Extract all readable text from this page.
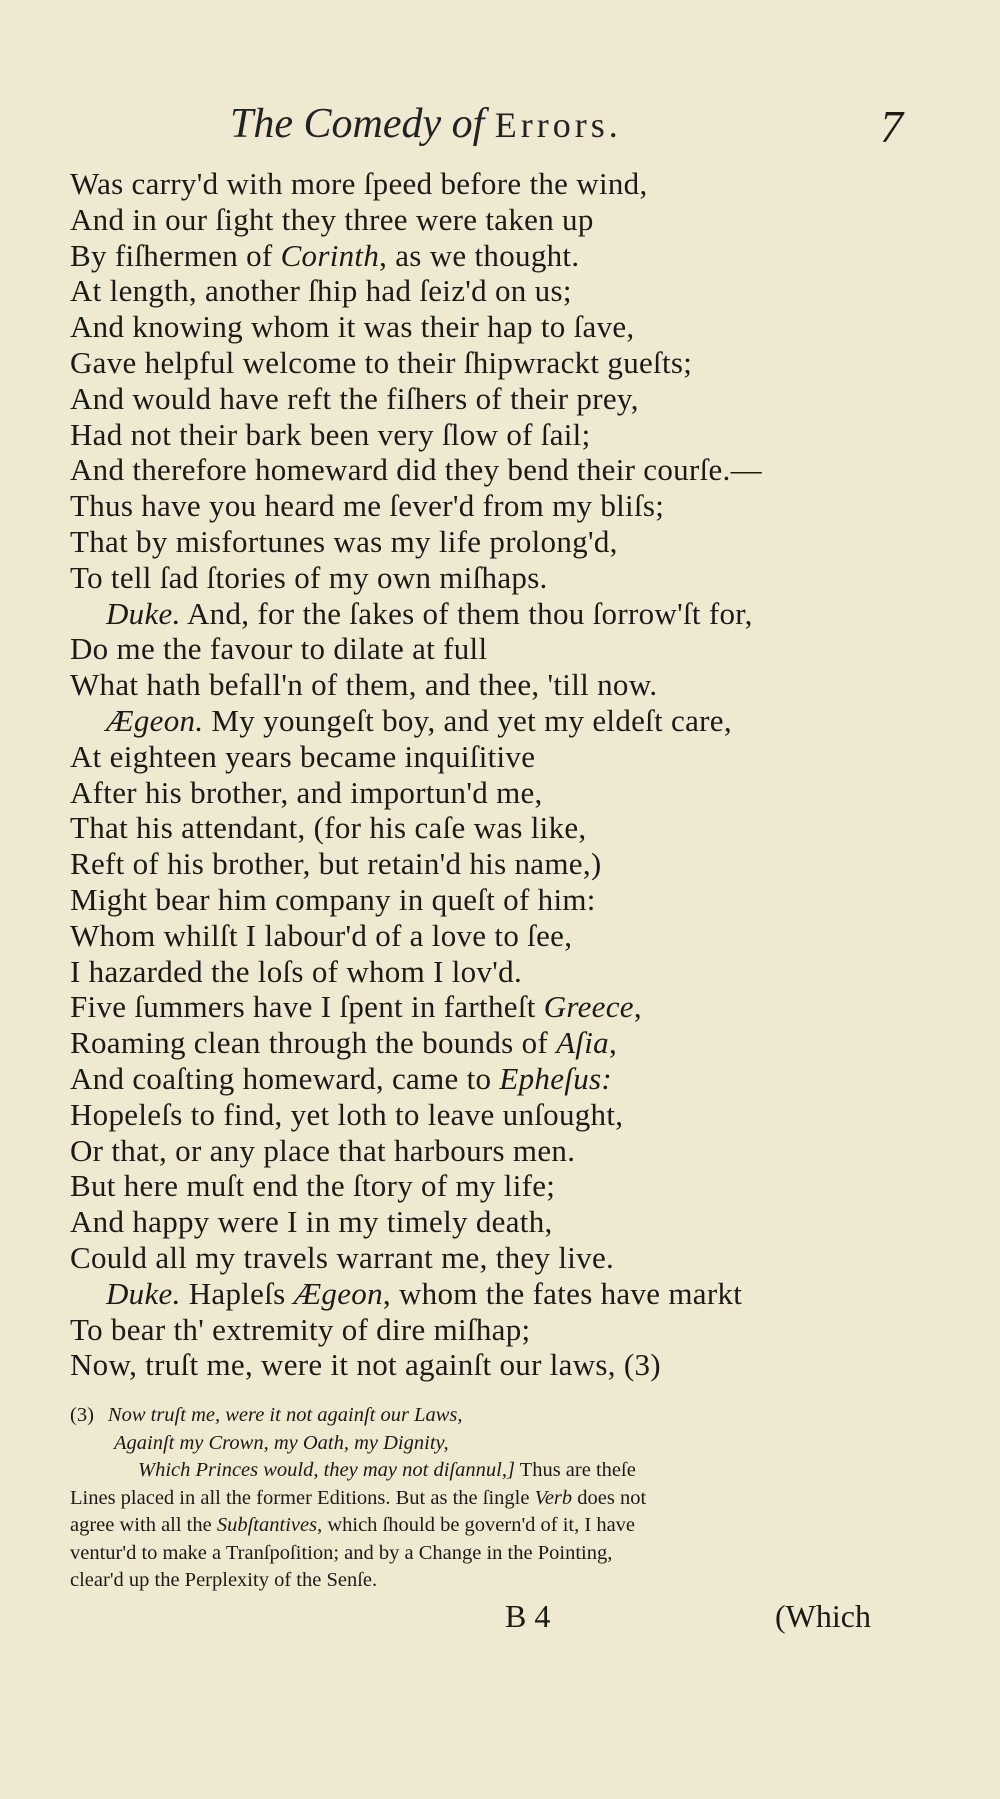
The Comedy of Errors.	7
Was carry'd with more ſpeed before the wind,
And in our ſight they three were taken up
By fiſhermen of Corinth, as we thought.
At length, another ſhip had ſeiz'd on us;
And knowing whom it was their hap to ſave,
Gave helpful welcome to their ſhipwrackt gueſts;
And would have reft the fiſhers of their prey,
Had not their bark been very ſlow of ſail;
And therefore homeward did they bend their courſe.—
Thus have you heard me ſever'd from my bliſs;
That by misfortunes was my life prolong'd,
To tell ſad ſtories of my own miſhaps.
Duke. And, for the ſakes of them thou ſorrow'ſt for,
Do me the favour to dilate at full
What hath befall'n of them, and thee, 'till now.
Ægeon. My youngeſt boy, and yet my eldeſt care,
At eighteen years became inquiſitive
After his brother, and importun'd me,
That his attendant, (for his caſe was like,
Reft of his brother, but retain'd his name,)
Might bear him company in queſt of him:
Whom whilſt I labour'd of a love to ſee,
I hazarded the loſs of whom I lov'd.
Five ſummers have I ſpent in fartheſt Greece,
Roaming clean through the bounds of Aſia,
And coaſting homeward, came to Epheſus:
Hopeleſs to find, yet loth to leave unſought,
Or that, or any place that harbours men.
But here muſt end the ſtory of my life;
And happy were I in my timely death,
Could all my travels warrant me, they live.
Duke. Hapleſs Ægeon, whom the fates have markt
To bear th' extremity of dire miſhap;
Now, truſt me, were it not againſt our laws, (3)
(3) Now truſt me, were it not againſt our Laws,
Againſt my Crown, my Oath, my Dignity,
Which Princes would, they may not diſannul,] Thus are theſe
Lines placed in all the former Editions. But as the ſingle Verb does not
agree with all the Subſtantives, which ſhould be govern'd of it, I have
ventur'd to make a Tranſpoſition; and by a Change in the Pointing,
clear'd up the Perplexity of the Senſe.
B 4	(Which
